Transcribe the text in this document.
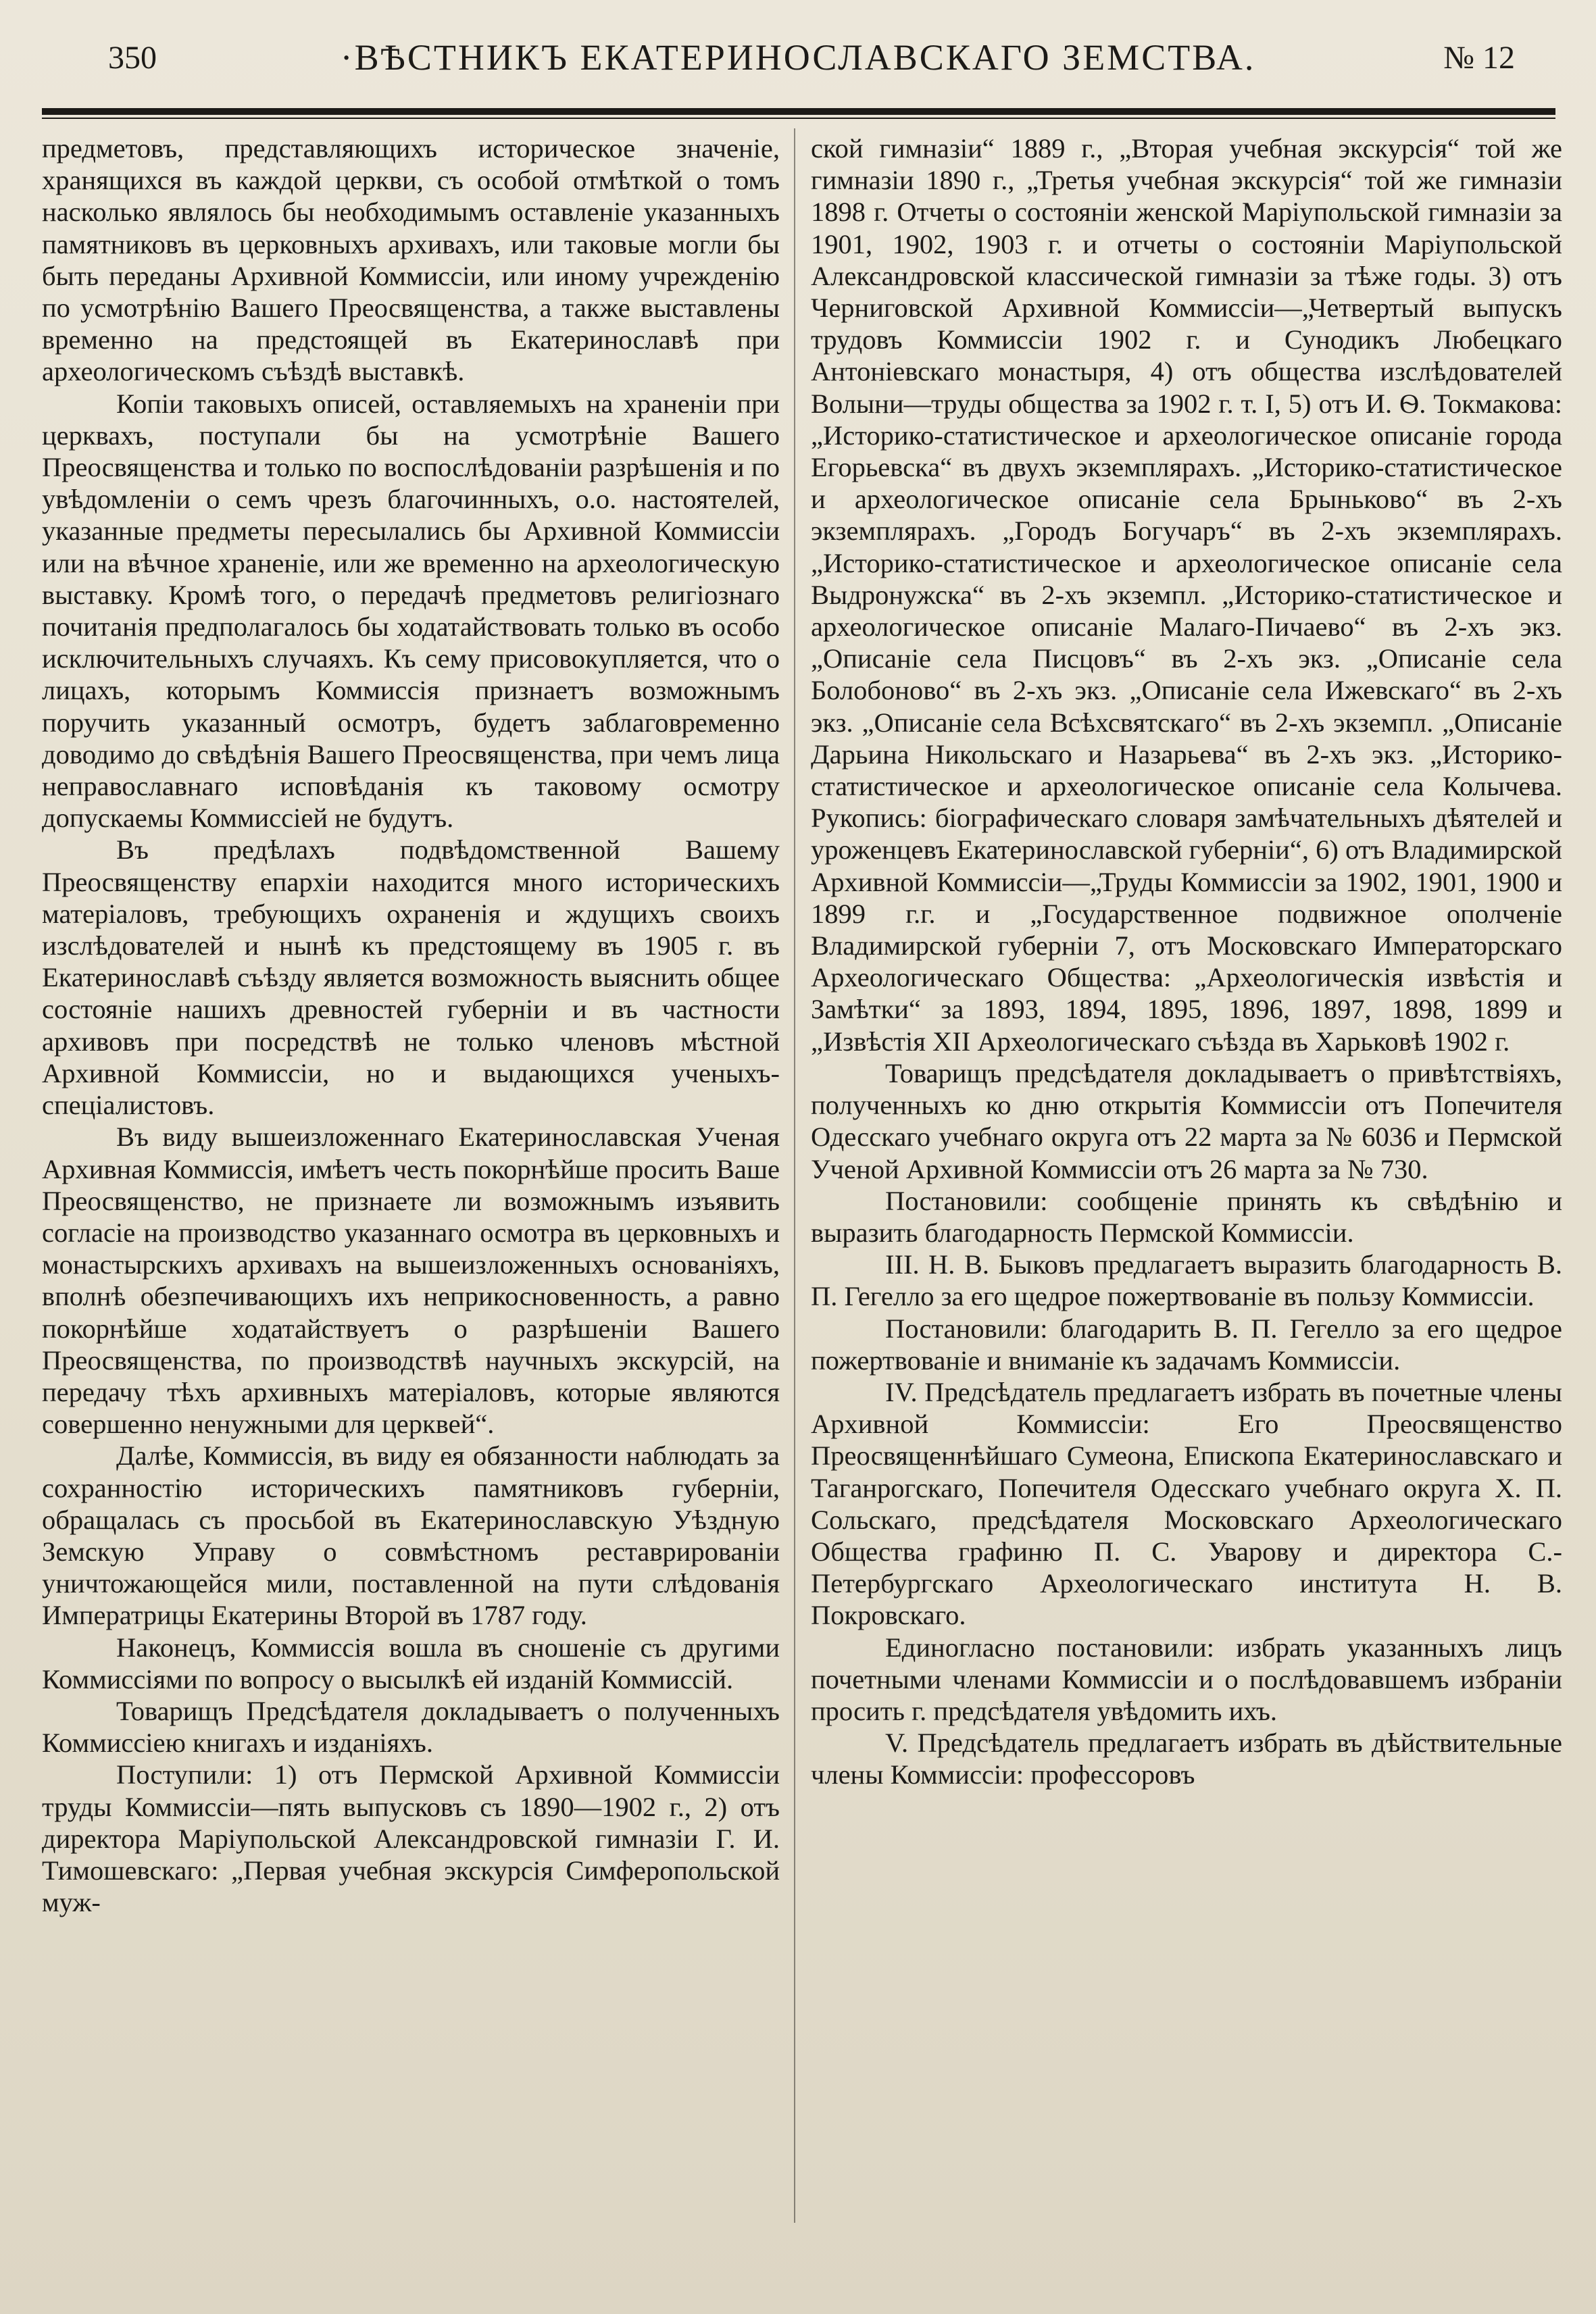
350	·ВѢСТНИКЪ ЕКАТЕРИНОСЛАВСКАГО ЗЕМСТВА.	№ 12

предметовъ, представляющихъ историческое значеніе, хранящихся въ каждой церкви, съ особой отмѣткой о томъ насколько являлось бы необходимымъ оставленіе указанныхъ памятниковъ въ церковныхъ архивахъ, или таковые могли бы быть переданы Архивной Коммиссіи, или иному учрежденію по усмотрѣнію Вашего Преосвященства, а также выставлены временно на предстоящей въ Екатеринославѣ при археологическомъ съѣздѣ выставкѣ.

Копіи таковыхъ описей, оставляемыхъ на храненіи при церквахъ, поступали бы на усмотрѣніе Вашего Преосвященства и только по воспослѣдованіи разрѣшенія и по увѣдомленіи о семъ чрезъ благочинныхъ, о.о. настоятелей, указанные предметы пересылались бы Архивной Коммиссіи или на вѣчное храненіе, или же временно на археологическую выставку. Кромѣ того, о передачѣ предметовъ религіознаго почитанія предполагалось бы ходатайствовать только въ особо исключительныхъ случаяхъ. Къ сему присовокупляется, что о лицахъ, которымъ Коммиссія признаетъ возможнымъ поручить указанный осмотръ, будетъ заблаговременно доводимо до свѣдѣнія Вашего Преосвященства, при чемъ лица неправославнаго исповѣданія къ таковому осмотру допускаемы Коммиссіей не будутъ.

Въ предѣлахъ подвѣдомственной Вашему Преосвященству епархіи находится много историческихъ матеріаловъ, требующихъ охраненія и ждущихъ своихъ изслѣдователей и нынѣ къ предстоящему въ 1905 г. въ Екатеринославѣ съѣзду является возможность выяснить общее состояніе нашихъ древностей губерніи и въ частности архивовъ при посредствѣ не только членовъ мѣстной Архивной Коммиссіи, но и выдающихся ученыхъ-спеціалистовъ.

Въ виду вышеизложеннаго Екатеринославская Ученая Архивная Коммиссія, имѣетъ честь покорнѣйше просить Ваше Преосвященство, не признаете ли возможнымъ изъявить согласіе на производство указаннаго осмотра въ церковныхъ и монастырскихъ архивахъ на вышеизложенныхъ основаніяхъ, вполнѣ обезпечивающихъ ихъ неприкосновенность, а равно покорнѣйше ходатайствуетъ о разрѣшеніи Вашего Преосвященства, по производствѣ научныхъ экскурсій, на передачу тѣхъ архивныхъ матеріаловъ, которые являются совершенно ненужными для церквей“.

Далѣе, Коммиссія, въ виду ея обязанности наблюдать за сохранностію историческихъ памятниковъ губерніи, обращалась съ просьбой въ Екатеринославскую Уѣздную Земскую Управу о совмѣстномъ реставрированіи уничтожающейся мили, поставленной на пути слѣдованія Императрицы Екатерины Второй въ 1787 году.

Наконецъ, Коммиссія вошла въ сношеніе съ другими Коммиссіями по вопросу о высылкѣ ей изданій Коммиссій.

Товарищъ Предсѣдателя докладываетъ о полученныхъ Коммиссіею книгахъ и изданіяхъ.

Поступили: 1) отъ Пермской Архивной Коммиссіи труды Коммиссіи—пять выпусковъ съ 1890—1902 г., 2) отъ директора Маріупольской Александровской гимназіи Г. И. Тимошевскаго: „Первая учебная экскурсія Симферопольской муж-

ской гимназіи“ 1889 г., „Вторая учебная экскурсія“ той же гимназіи 1890 г., „Третья учебная экскурсія“ той же гимназіи 1898 г. Отчеты о состояніи женской Маріупольской гимназіи за 1901, 1902, 1903 г. и отчеты о состояніи Маріупольской Александровской классической гимназіи за тѣже годы. 3) отъ Черниговской Архивной Коммиссіи—„Четвертый выпускъ трудовъ Коммиссіи 1902 г. и Сунодикъ Любецкаго Антоніевскаго монастыря, 4) отъ общества изслѣдователей Волыни—труды общества за 1902 г. т. I, 5) отъ И. Ѳ. Токмакова: „Историко-статистическое и археологическое описаніе города Егорьевска“ въ двухъ экземплярахъ. „Историко-статистическое и археологическое описаніе села Брыньково“ въ 2-хъ экземплярахъ. „Городъ Богучаръ“ въ 2-хъ экземплярахъ. „Историко-статистическое и археологическое описаніе села Выдронужска“ въ 2-хъ экземпл. „Историко-статистическое и археологическое описаніе Малаго-Пичаево“ въ 2-хъ экз. „Описаніе села Писцовъ“ въ 2-хъ экз. „Описаніе села Болобоново“ въ 2-хъ экз. „Описаніе села Ижевскаго“ въ 2-хъ экз. „Описаніе села Всѣхсвятскаго“ въ 2-хъ экземпл. „Описаніе Дарьина Никольскаго и Назарьева“ въ 2-хъ экз. „Историко-статистическое и археологическое описаніе села Колычева. Рукопись: біографическаго словаря замѣчательныхъ дѣятелей и уроженцевъ Екатеринославской губерніи“, 6) отъ Владимирской Архивной Коммиссіи—„Труды Коммиссіи за 1902, 1901, 1900 и 1899 г.г. и „Государственное подвижное ополченіе Владимирской губерніи 7, отъ Московскаго Императорскаго Археологическаго Общества: „Археологическія извѣстія и Замѣтки“ за 1893, 1894, 1895, 1896, 1897, 1898, 1899 и „Извѣстія XII Археологическаго съѣзда въ Харьковѣ 1902 г.

Товарищъ предсѣдателя докладываетъ о привѣтствіяхъ, полученныхъ ко дню открытія Коммиссіи отъ Попечителя Одесскаго учебнаго округа отъ 22 марта за № 6036 и Пермской Ученой Архивной Коммиссіи отъ 26 марта за № 730.

Постановили: сообщеніе принять къ свѣдѣнію и выразить благодарность Пермской Коммиссіи.

III. Н. В. Быковъ предлагаетъ выразить благодарность В. П. Гегелло за его щедрое пожертвованіе въ пользу Коммиссіи.

Постановили: благодарить В. П. Гегелло за его щедрое пожертвованіе и вниманіе къ задачамъ Коммиссіи.

IV. Предсѣдатель предлагаетъ избрать въ почетные члены Архивной Коммиссіи: Его Преосвященство Преосвященнѣйшаго Сумеона, Епископа Екатеринославскаго и Таганрогскаго, Попечителя Одесскаго учебнаго округа Х. П. Сольскаго, предсѣдателя Московскаго Археологическаго Общества графиню П. С. Уварову и директора С.-Петербургскаго Археологическаго института Н. В. Покровскаго.

Единогласно постановили: избрать указанныхъ лицъ почетными членами Коммиссіи и о послѣдовавшемъ избраніи просить г. предсѣдателя увѣдомить ихъ.

V. Предсѣдатель предлагаетъ избрать въ дѣйствительные члены Коммиссіи: профессоровъ
